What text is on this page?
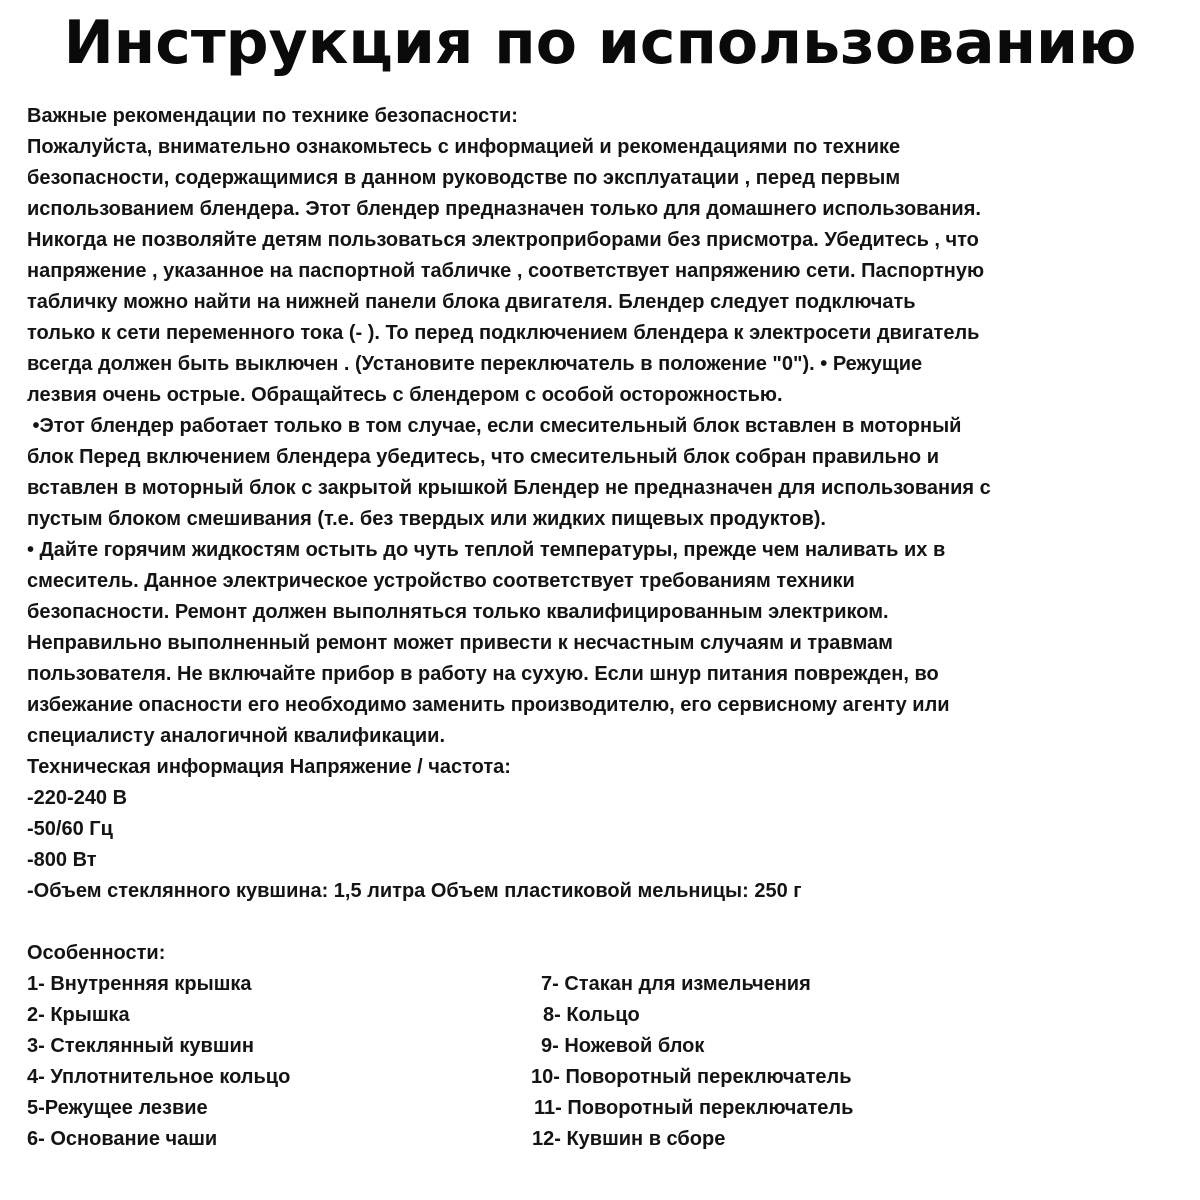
Инструкция по использованию
Важные рекомендации по технике безопасности:
Пожалуйста, внимательно ознакомьтесь с информацией и рекомендациями по технике
безопасности, содержащимися в данном руководстве по эксплуатации , перед первым
использованием блендера. Этот блендер предназначен только для домашнего использования.
Никогда не позволяйте детям пользоваться электроприборами без присмотра. Убедитесь , что
напряжение , указанное на паспортной табличке , соответствует напряжению сети. Паспортную
табличку можно найти на нижней панели блока двигателя. Блендер следует подключать
только к сети переменного тока (- ). То перед подключением блендера к электросети двигатель
всегда должен быть выключен . (Установите переключатель в положение "0"). • Режущие
лезвия очень острые. Обращайтесь с блендером с особой осторожностью.
•Этот блендер работает только в том случае, если смесительный блок вставлен в моторный
блок Перед включением блендера убедитесь, что смесительный блок собран правильно и
вставлен в моторный блок с закрытой крышкой Блендер не предназначен для использования с
пустым блоком смешивания (т.е. без твердых или жидких пищевых продуктов).
• Дайте горячим жидкостям остыть до чуть теплой температуры, прежде чем наливать их в
смеситель. Данное электрическое устройство соответствует требованиям техники
безопасности. Ремонт должен выполняться только квалифицированным электриком.
Неправильно выполненный ремонт может привести к несчастным случаям и травмам
пользователя. Не включайте прибор в работу на сухую. Если шнур питания поврежден, во
избежание опасности его необходимо заменить производителю, его сервисному агенту или
специалисту аналогичной квалификации.
Техническая информация Напряжение / частота:
-220-240 В
-50/60 Гц
-800 Вт
-Объем стеклянного кувшина: 1,5 литра Объем пластиковой мельницы: 250 г
Особенности:
1- Внутренняя крышка	7- Стакан для измельчения
2- Крышка	8- Кольцо
3- Стеклянный кувшин	9- Ножевой блок
4- Уплотнительное кольцо	10- Поворотный переключатель
5-Режущее лезвие	11- Поворотный переключатель
6- Основание чаши	12- Кувшин в сборе
